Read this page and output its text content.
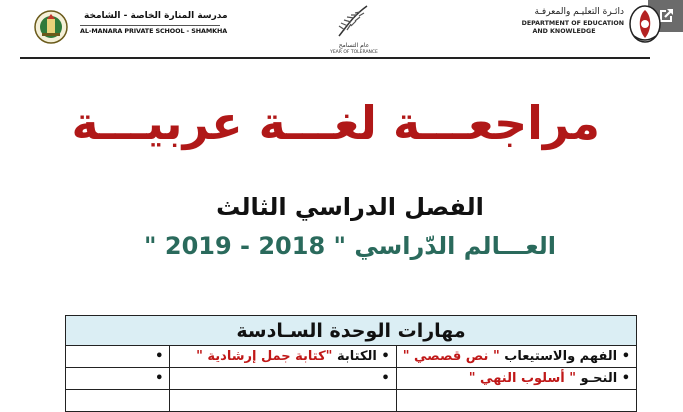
مدرسة المنارة الخاصة - الشامخة
AL-MANARA PRIVATE SCHOOL - SHAMKHA
عام التسامح
YEAR OF TOLERANCE
دائـرة التعليـم والمعرفـة
DEPARTMENT OF EDUCATION
AND KNOWLEDGE
مراجعـــة لغـــة عربيـــة
الفصل الدراسي الثالث
العـــالم الدّراسي " 2018 - 2019 "
مهارات الوحدة السـادسة		
• الفهم والاستيعاب " نص قصصي "	• الكتابة "كتابة جمل إرشادية "	•
• النحـو " أسلوب النهي "	•	•
